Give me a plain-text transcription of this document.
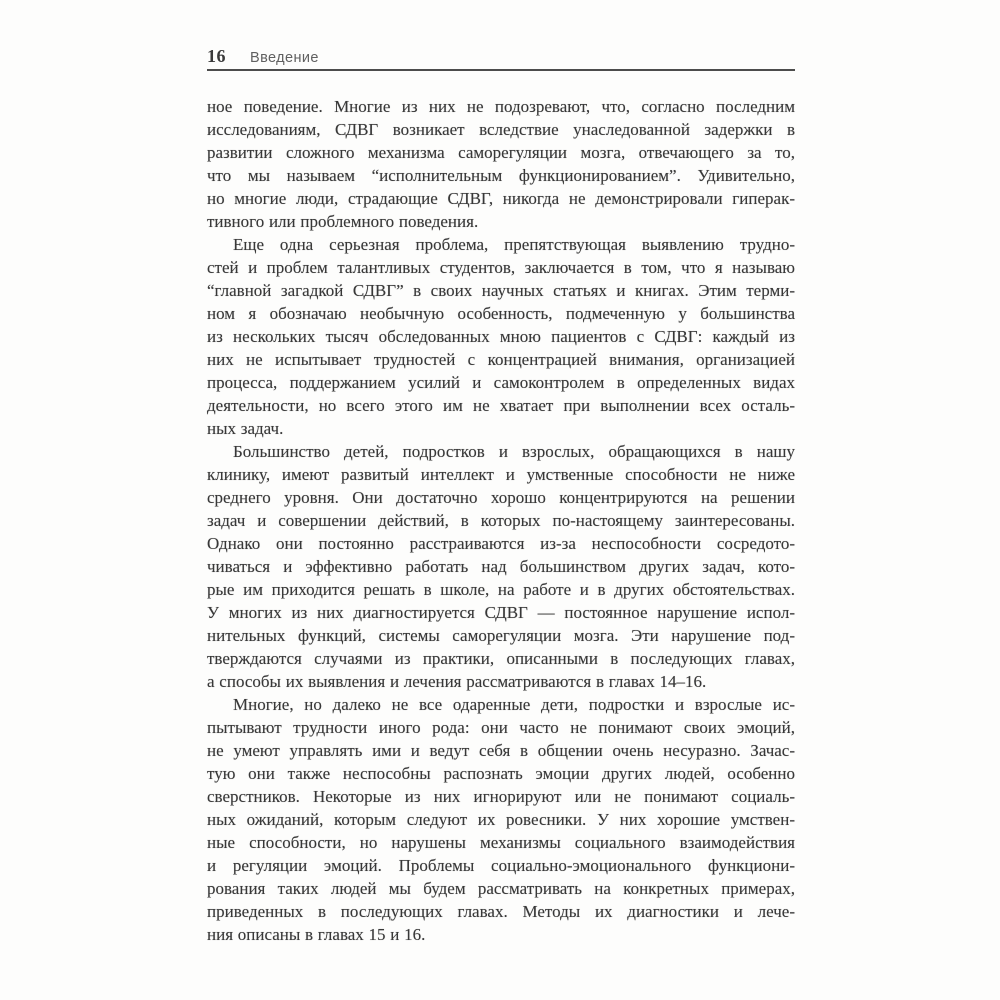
16 Введение
ное поведение. Многие из них не подозревают, что, согласно последним
исследованиям, СДВГ возникает вследствие унаследованной задержки в
развитии сложного механизма саморегуляции мозга, отвечающего за то,
что мы называем “исполнительным функционированием”. Удивительно,
но многие люди, страдающие СДВГ, никогда не демонстрировали гиперак-
тивного или проблемного поведения.
Еще одна серьезная проблема, препятствующая выявлению трудно-
стей и проблем талантливых студентов, заключается в том, что я называю
“главной загадкой СДВГ” в своих научных статьях и книгах. Этим терми-
ном я обозначаю необычную особенность, подмеченную у большинства
из нескольких тысяч обследованных мною пациентов с СДВГ: каждый из
них не испытывает трудностей с концентрацией внимания, организацией
процесса, поддержанием усилий и самоконтролем в определенных видах
деятельности, но всего этого им не хватает при выполнении всех осталь-
ных задач.
Большинство детей, подростков и взрослых, обращающихся в нашу
клинику, имеют развитый интеллект и умственные способности не ниже
среднего уровня. Они достаточно хорошо концентрируются на решении
задач и совершении действий, в которых по-настоящему заинтересованы.
Однако они постоянно расстраиваются из-за неспособности сосредото-
чиваться и эффективно работать над большинством других задач, кото-
рые им приходится решать в школе, на работе и в других обстоятельствах.
У многих из них диагностируется СДВГ — постоянное нарушение испол-
нительных функций, системы саморегуляции мозга. Эти нарушение под-
тверждаются случаями из практики, описанными в последующих главах,
а способы их выявления и лечения рассматриваются в главах 14–16.
Многие, но далеко не все одаренные дети, подростки и взрослые ис-
пытывают трудности иного рода: они часто не понимают своих эмоций,
не умеют управлять ими и ведут себя в общении очень несуразно. Зачас-
тую они также неспособны распознать эмоции других людей, особенно
сверстников. Некоторые из них игнорируют или не понимают социаль-
ных ожиданий, которым следуют их ровесники. У них хорошие умствен-
ные способности, но нарушены механизмы социального взаимодействия
и регуляции эмоций. Проблемы социально-эмоционального функциони-
рования таких людей мы будем рассматривать на конкретных примерах,
приведенных в последующих главах. Методы их диагностики и лече-
ния описаны в главах 15 и 16.
